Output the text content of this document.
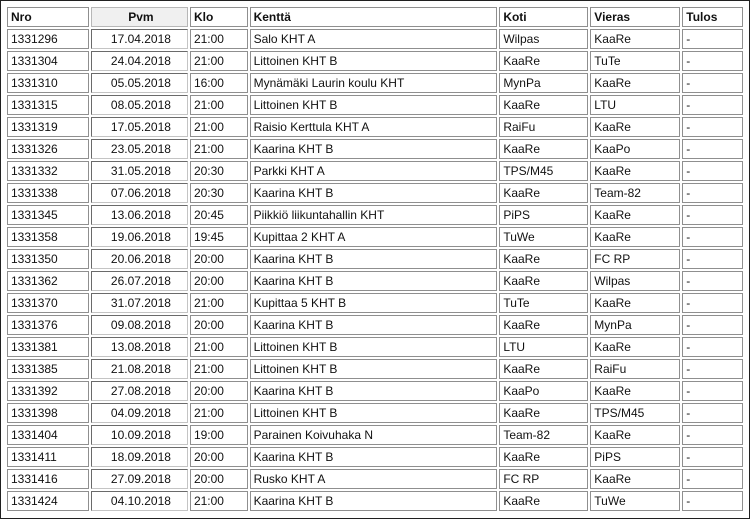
Nro	Pvm	Klo	Kenttä	Koti	Vieras	Tulos
1331296	17.04.2018	21:00	Salo KHT A	Wilpas	KaaRe	-
1331304	24.04.2018	21:00	Littoinen KHT B	KaaRe	TuTe	-
1331310	05.05.2018	16:00	Mynämäki Laurin koulu KHT	MynPa	KaaRe	-
1331315	08.05.2018	21:00	Littoinen KHT B	KaaRe	LTU	-
1331319	17.05.2018	21:00	Raisio Kerttula KHT A	RaiFu	KaaRe	-
1331326	23.05.2018	21:00	Kaarina KHT B	KaaRe	KaaPo	-
1331332	31.05.2018	20:30	Parkki KHT A	TPS/M45	KaaRe	-
1331338	07.06.2018	20:30	Kaarina KHT B	KaaRe	Team-82	-
1331345	13.06.2018	20:45	Piikkiö liikuntahallin KHT	PiPS	KaaRe	-
1331358	19.06.2018	19:45	Kupittaa 2 KHT A	TuWe	KaaRe	-
1331350	20.06.2018	20:00	Kaarina KHT B	KaaRe	FC RP	-
1331362	26.07.2018	20:00	Kaarina KHT B	KaaRe	Wilpas	-
1331370	31.07.2018	21:00	Kupittaa 5 KHT B	TuTe	KaaRe	-
1331376	09.08.2018	20:00	Kaarina KHT B	KaaRe	MynPa	-
1331381	13.08.2018	21:00	Littoinen KHT B	LTU	KaaRe	-
1331385	21.08.2018	21:00	Littoinen KHT B	KaaRe	RaiFu	-
1331392	27.08.2018	20:00	Kaarina KHT B	KaaPo	KaaRe	-
1331398	04.09.2018	21:00	Littoinen KHT B	KaaRe	TPS/M45	-
1331404	10.09.2018	19:00	Parainen Koivuhaka N	Team-82	KaaRe	-
1331411	18.09.2018	20:00	Kaarina KHT B	KaaRe	PiPS	-
1331416	27.09.2018	20:00	Rusko KHT A	FC RP	KaaRe	-
1331424	04.10.2018	21:00	Kaarina KHT B	KaaRe	TuWe	-
